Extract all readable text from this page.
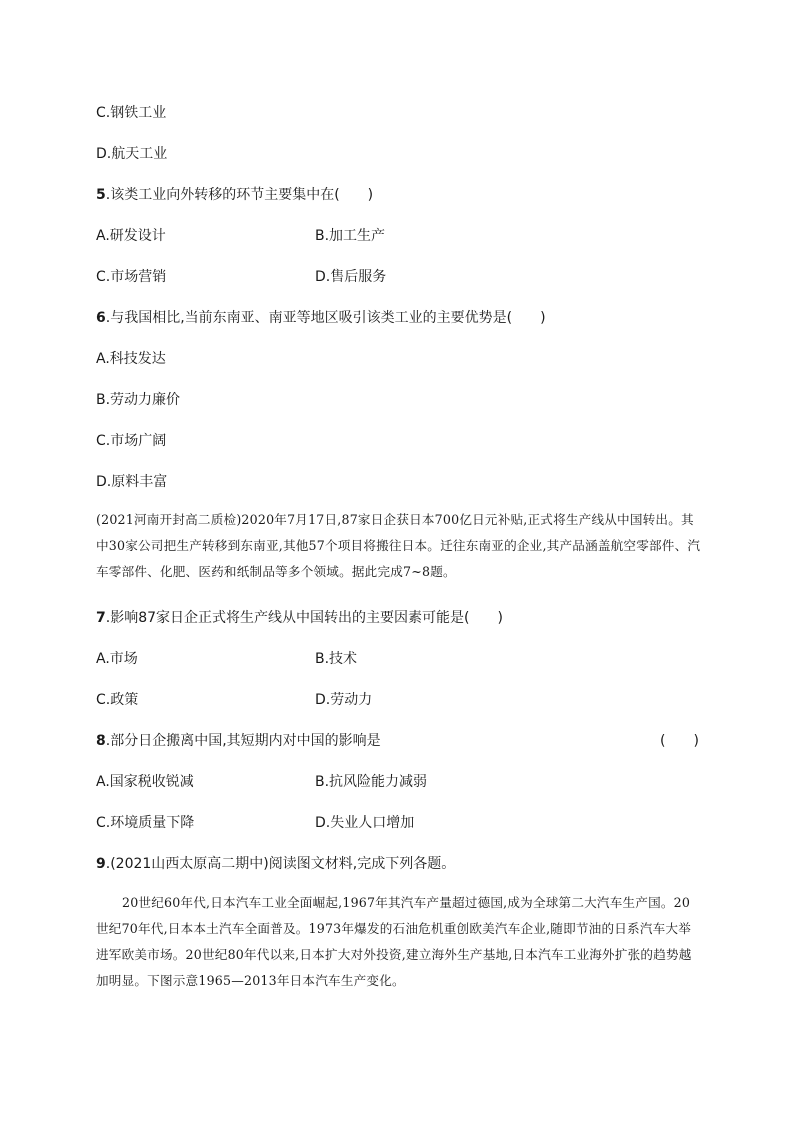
C.钢铁工业
D.航天工业
5.该类工业向外转移的环节主要集中在(　　)
A.研发设计	B.加工生产
C.市场营销	D.售后服务
6.与我国相比,当前东南亚、南亚等地区吸引该类工业的主要优势是(　　)
A.科技发达
B.劳动力廉价
C.市场广阔
D.原料丰富
(2021河南开封高二质检)2020年7月17日,87家日企获日本700亿日元补贴,正式将生产线从中国转出。其中30家公司把生产转移到东南亚,其他57个项目将搬往日本。迁往东南亚的企业,其产品涵盖航空零部件、汽车零部件、化肥、医药和纸制品等多个领域。据此完成7~8题。
7.影响87家日企正式将生产线从中国转出的主要因素可能是(　　)
A.市场	B.技术
C.政策	D.劳动力
8.部分日企搬离中国,其短期内对中国的影响是	(　　)
A.国家税收锐减	B.抗风险能力减弱
C.环境质量下降	D.失业人口增加
9.(2021山西太原高二期中)阅读图文材料,完成下列各题。
20世纪60年代,日本汽车工业全面崛起,1967年其汽车产量超过德国,成为全球第二大汽车生产国。20世纪70年代,日本本土汽车全面普及。1973年爆发的石油危机重创欧美汽车企业,随即节油的日系汽车大举进军欧美市场。20世纪80年代以来,日本扩大对外投资,建立海外生产基地,日本汽车工业海外扩张的趋势越加明显。下图示意1965—2013年日本汽车生产变化。
